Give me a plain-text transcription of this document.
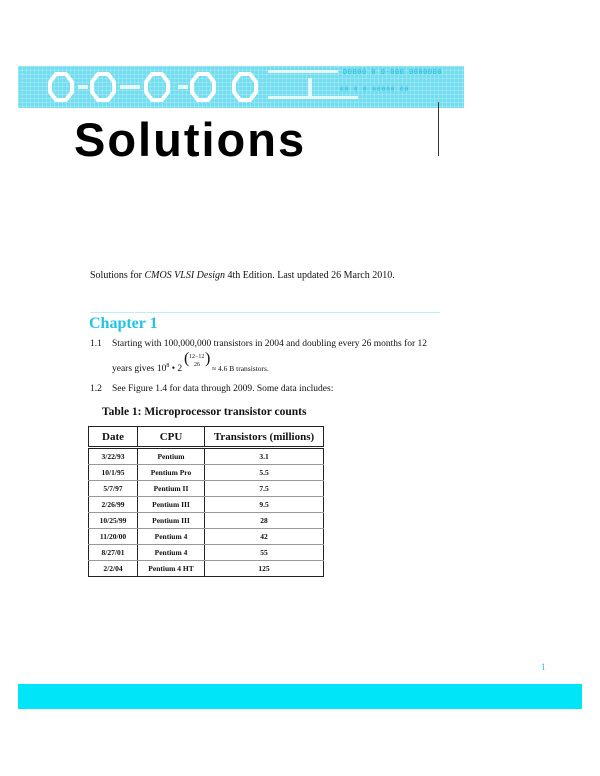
D0000 0 0-000 0000000
00 0 0 00000 00
Solutions
Solutions for CMOS VLSI Design 4th Edition. Last updated 26 March 2010.
Chapter 1
1.1 Starting with 100,000,000 transistors in 2004 and doubling every 26 months for 12
years gives $10^8$ • 2
( 12−12
26 )
≈ 4.6 B transistors.
1.2 See Figure 1.4 for data through 2009. Some data includes:
Table 1: Microprocessor transistor counts
Date	CPU	Transistors (millions)
3/22/93	Pentium	3.1
10/1/95	Pentium Pro	5.5
5/7/97	Pentium II	7.5
2/26/99	Pentium III	9.5
10/25/99	Pentium III	28
11/20/00	Pentium 4	42
8/27/01	Pentium 4	55
2/2/04	Pentium 4 HT	125
1
